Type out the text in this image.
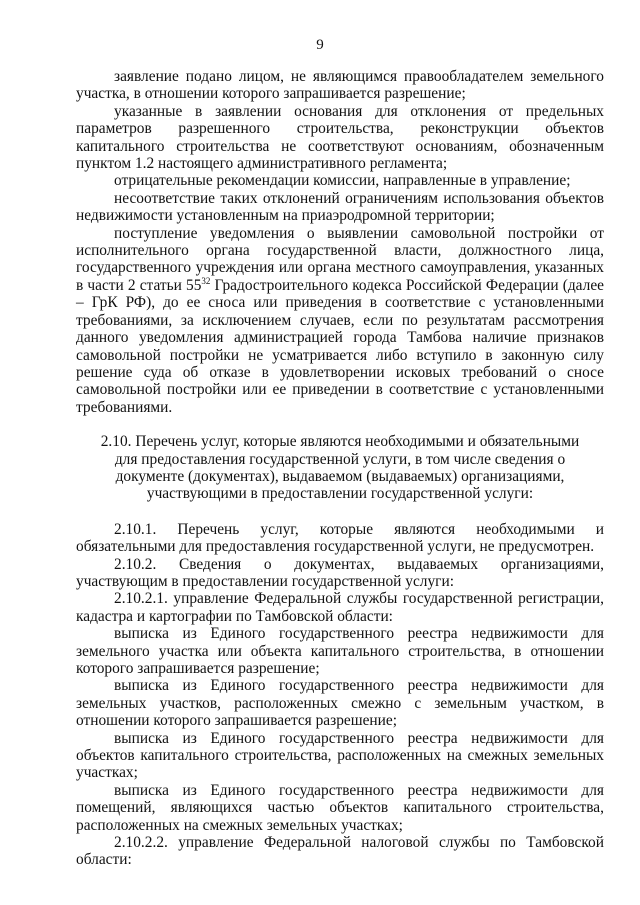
9

заявление подано лицом, не являющимся правообладателем земельного участка, в отношении которого запрашивается разрешение;

указанные в заявлении основания для отклонения от предельных параметров разрешенного строительства, реконструкции объектов капитального строительства не соответствуют основаниям, обозначенным пунктом 1.2 настоящего административного регламента;

отрицательные рекомендации комиссии, направленные в управление;

несоответствие таких отклонений ограничениям использования объектов недвижимости установленным на приаэродромной территории;

поступление уведомления о выявлении самовольной постройки от исполнительного органа государственной власти, должностного лица, государственного учреждения или органа местного самоуправления, указанных в части 2 статьи $55^{32}$ Градостроительного кодекса Российской Федерации (далее – ГрК РФ), до ее сноса или приведения в соответствие с установленными требованиями, за исключением случаев, если по результатам рассмотрения данного уведомления администрацией города Тамбова наличие признаков самовольной постройки не усматривается либо вступило в законную силу решение суда об отказе в удовлетворении исковых требований о сносе самовольной постройки или ее приведении в соответствие с установленными требованиями.

2.10. Перечень услуг, которые являются необходимыми и обязательными для предоставления государственной услуги, в том числе сведения о документе (документах), выдаваемом (выдаваемых) организациями, участвующими в предоставлении государственной услуги:

2.10.1. Перечень услуг, которые являются необходимыми и обязательными для предоставления государственной услуги, не предусмотрен.

2.10.2. Сведения о документах, выдаваемых организациями, участвующим в предоставлении государственной услуги:

2.10.2.1. управление Федеральной службы государственной регистрации, кадастра и картографии по Тамбовской области:

выписка из Единого государственного реестра недвижимости для земельного участка или объекта капитального строительства, в отношении которого запрашивается разрешение;

выписка из Единого государственного реестра недвижимости для земельных участков, расположенных смежно с земельным участком, в отношении которого запрашивается разрешение;

выписка из Единого государственного реестра недвижимости для объектов капитального строительства, расположенных на смежных земельных участках;

выписка из Единого государственного реестра недвижимости для помещений, являющихся частью объектов капитального строительства, расположенных на смежных земельных участках;

2.10.2.2. управление Федеральной налоговой службы по Тамбовской области:
